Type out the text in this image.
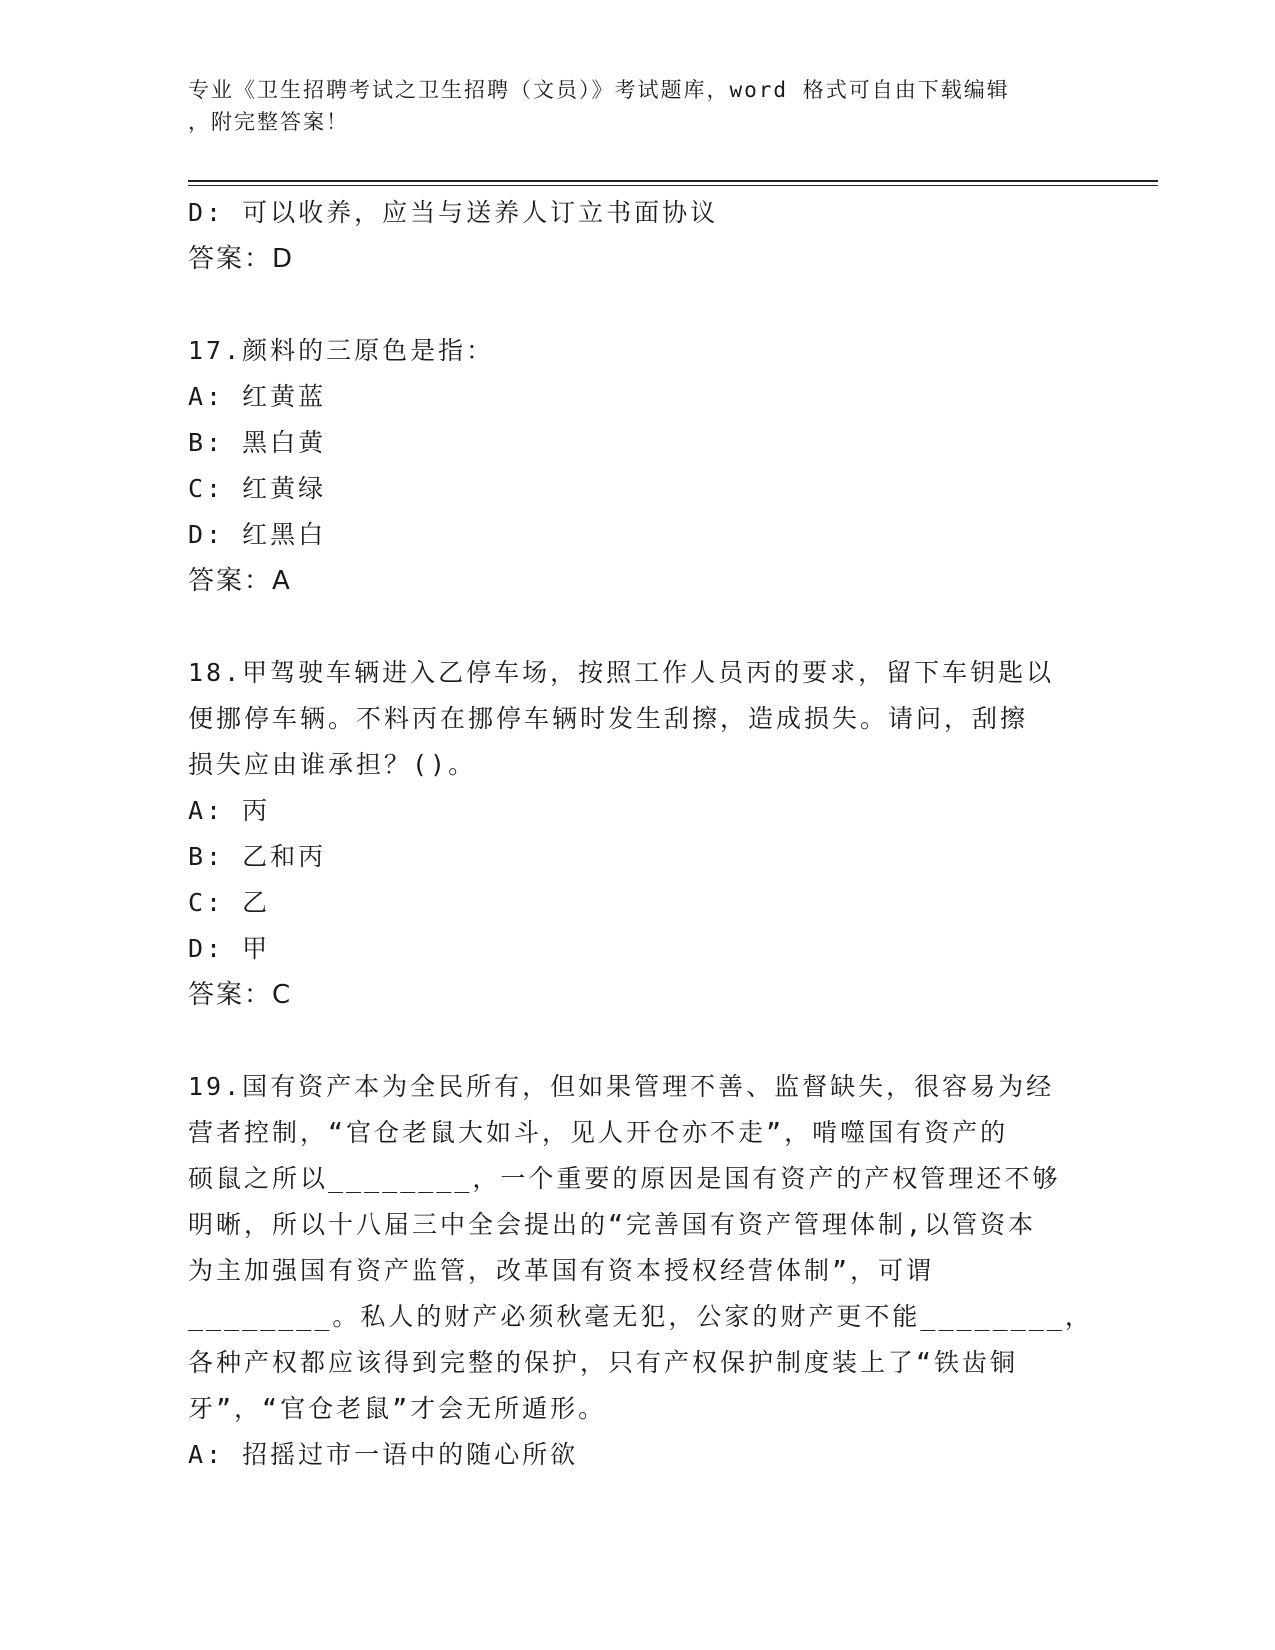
专业《卫生招聘考试之卫生招聘（文员）》考试题库，word 格式可自由下载编辑
，附完整答案！
D: 可以收养，应当与送养人订立书面协议
答案：D
17.颜料的三原色是指：
A: 红黄蓝
B: 黑白黄
C: 红黄绿
D: 红黑白
答案：A
18.甲驾驶车辆进入乙停车场，按照工作人员丙的要求，留下车钥匙以
便挪停车辆。不料丙在挪停车辆时发生刮擦，造成损失。请问，刮擦
损失应由谁承担？()。
A: 丙
B: 乙和丙
C: 乙
D: 甲
答案：C
19.国有资产本为全民所有，但如果管理不善、监督缺失，很容易为经
营者控制，“官仓老鼠大如斗，见人开仓亦不走”，啃噬国有资产的
硕鼠之所以________，一个重要的原因是国有资产的产权管理还不够
明晰，所以十八届三中全会提出的“完善国有资产管理体制,以管资本
为主加强国有资产监管，改革国有资本授权经营体制”，可谓
________。私人的财产必须秋毫无犯，公家的财产更不能________，
各种产权都应该得到完整的保护，只有产权保护制度装上了“铁齿铜
牙”，“官仓老鼠”才会无所遁形。
A: 招摇过市一语中的随心所欲
